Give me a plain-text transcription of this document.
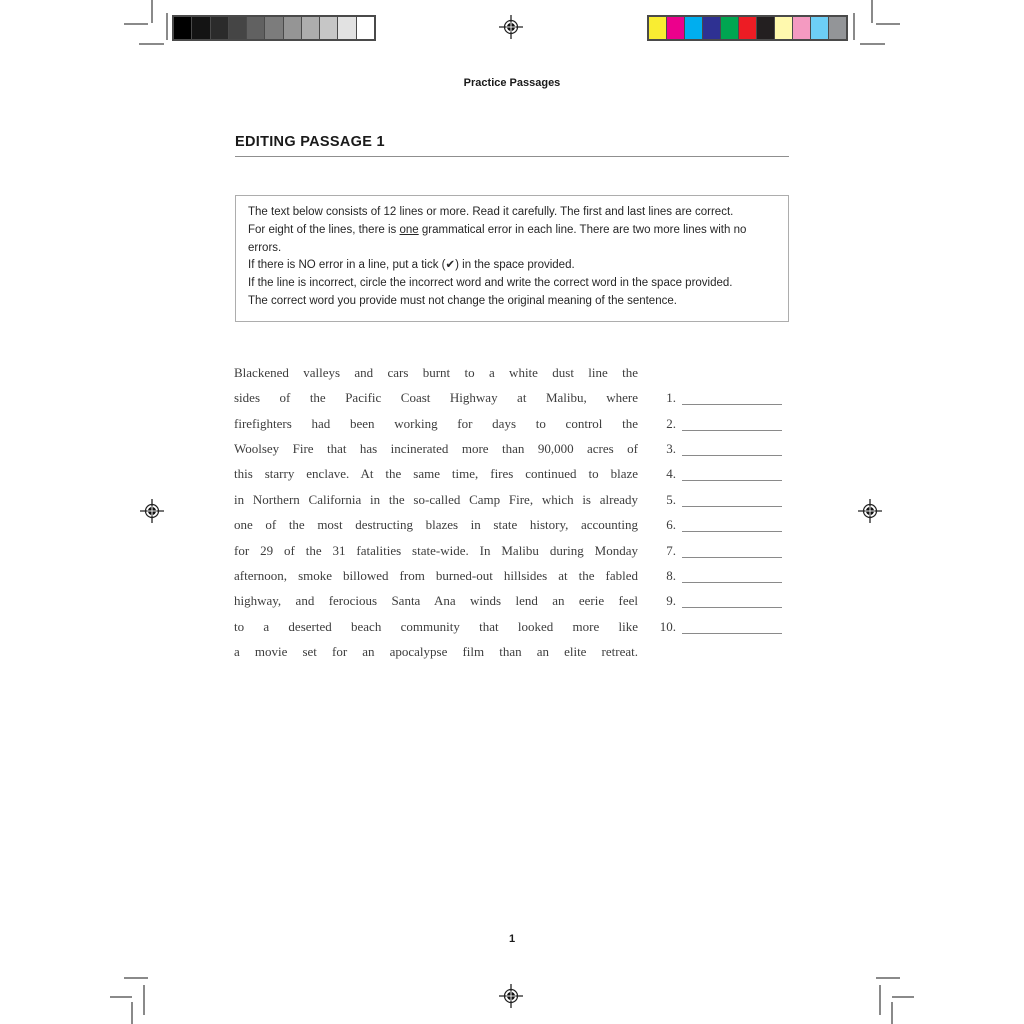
Practice Passages
EDITING PASSAGE 1
The text below consists of 12 lines or more. Read it carefully. The first and last lines are correct.
For eight of the lines, there is one grammatical error in each line. There are two more lines with no
errors.
If there is NO error in a line, put a tick (✔) in the space provided.
If the line is incorrect, circle the incorrect word and write the correct word in the space provided.
The correct word you provide must not change the original meaning of the sentence.
Blackened valleys and cars burnt to a white dust line the
sides of the Pacific Coast Highway at Malibu, where
firefighters had been working for days to control the
Woolsey Fire that has incinerated more than 90,000 acres of
this starry enclave. At the same time, fires continued to blaze
in Northern California in the so-called Camp Fire, which is already
one of the most destructing blazes in state history, accounting
for 29 of the 31 fatalities state-wide. In Malibu during Monday
afternoon, smoke billowed from burned-out hillsides at the fabled
highway, and ferocious Santa Ana winds lend an eerie feel
to a deserted beach community that looked more like
a movie set for an apocalypse film than an elite retreat.
1.
2.
3.
4.
5.
6.
7.
8.
9.
10.
1
